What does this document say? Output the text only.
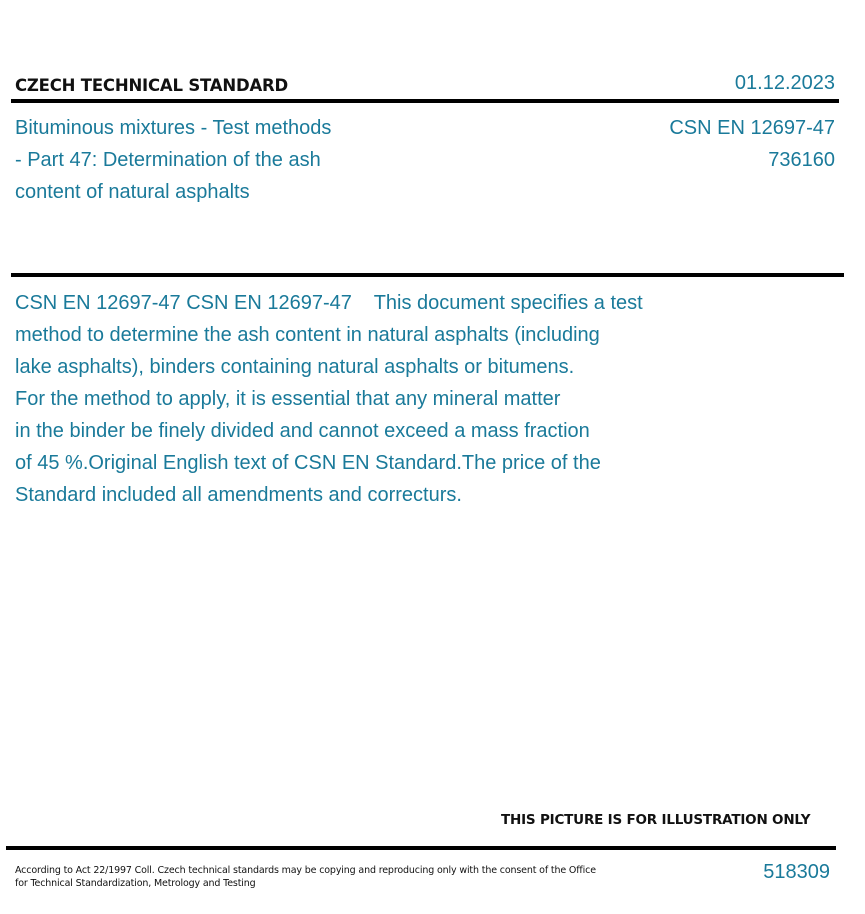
CZECH TECHNICAL STANDARD	01.12.2023
Bituminous mixtures - Test methods
- Part 47: Determination of the ash
content of natural asphalts
CSN EN 12697-47
736160
CSN EN 12697-47 CSN EN 12697-47    This document specifies a test
method to determine the ash content in natural asphalts (including
lake asphalts), binders containing natural asphalts or bitumens.
For the method to apply, it is essential that any mineral matter
in the binder be finely divided and cannot exceed a mass fraction
of 45 %.Original English text of CSN EN Standard.The price of the
Standard included all amendments and correcturs.
THIS PICTURE IS FOR ILLUSTRATION ONLY
According to Act 22/1997 Coll. Czech technical standards may be copying and reproducing only with the consent of the Office
for Technical Standardization, Metrology and Testing
518309
